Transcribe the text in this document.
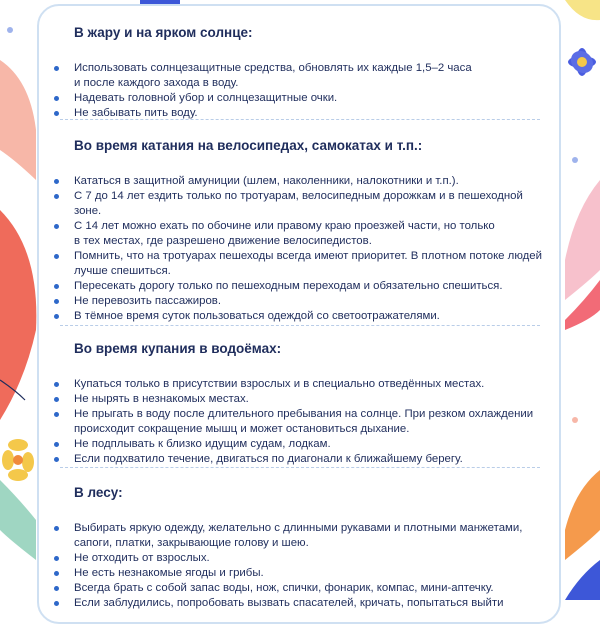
В жару и на ярком солнце:
Использовать солнцезащитные средства, обновлять их каждые 1,5–2 часа
и после каждого захода в воду.
Надевать головной убор и солнцезащитные очки.
Не забывать пить воду.
Во время катания на велосипедах, самокатах и т.п.:
Кататься в защитной амуниции (шлем, наколенники, налокотники и т.п.).
С 7 до 14 лет ездить только по тротуарам, велосипедным дорожкам и в пешеходной
зоне.
С 14 лет можно ехать по обочине или правому краю проезжей части, но только
в тех местах, где разрешено движение велосипедистов.
Помнить, что на тротуарах пешеходы всегда имеют приоритет. В плотном потоке людей
лучше спешиться.
Пересекать дорогу только по пешеходным переходам и обязательно спешиться.
Не перевозить пассажиров.
В тёмное время суток пользоваться одеждой со светоотражателями.
Во время купания в водоёмах:
Купаться только в присутствии взрослых и в специально отведённых местах.
Не нырять в незнакомых местах.
Не прыгать в воду после длительного пребывания на солнце. При резком охлаждении
происходит сокращение мышц и может остановиться дыхание.
Не подплывать к близко идущим судам, лодкам.
Если подхватило течение, двигаться по диагонали к ближайшему берегу.
В лесу:
Выбирать яркую одежду, желательно с длинными рукавами и плотными манжетами,
сапоги, платки, закрывающие голову и шею.
Не отходить от взрослых.
Не есть незнакомые ягоды и грибы.
Всегда брать с собой запас воды, нож, спички, фонарик, компас, мини-аптечку.
Если заблудились, попробовать вызвать спасателей, кричать, попытаться выйти
